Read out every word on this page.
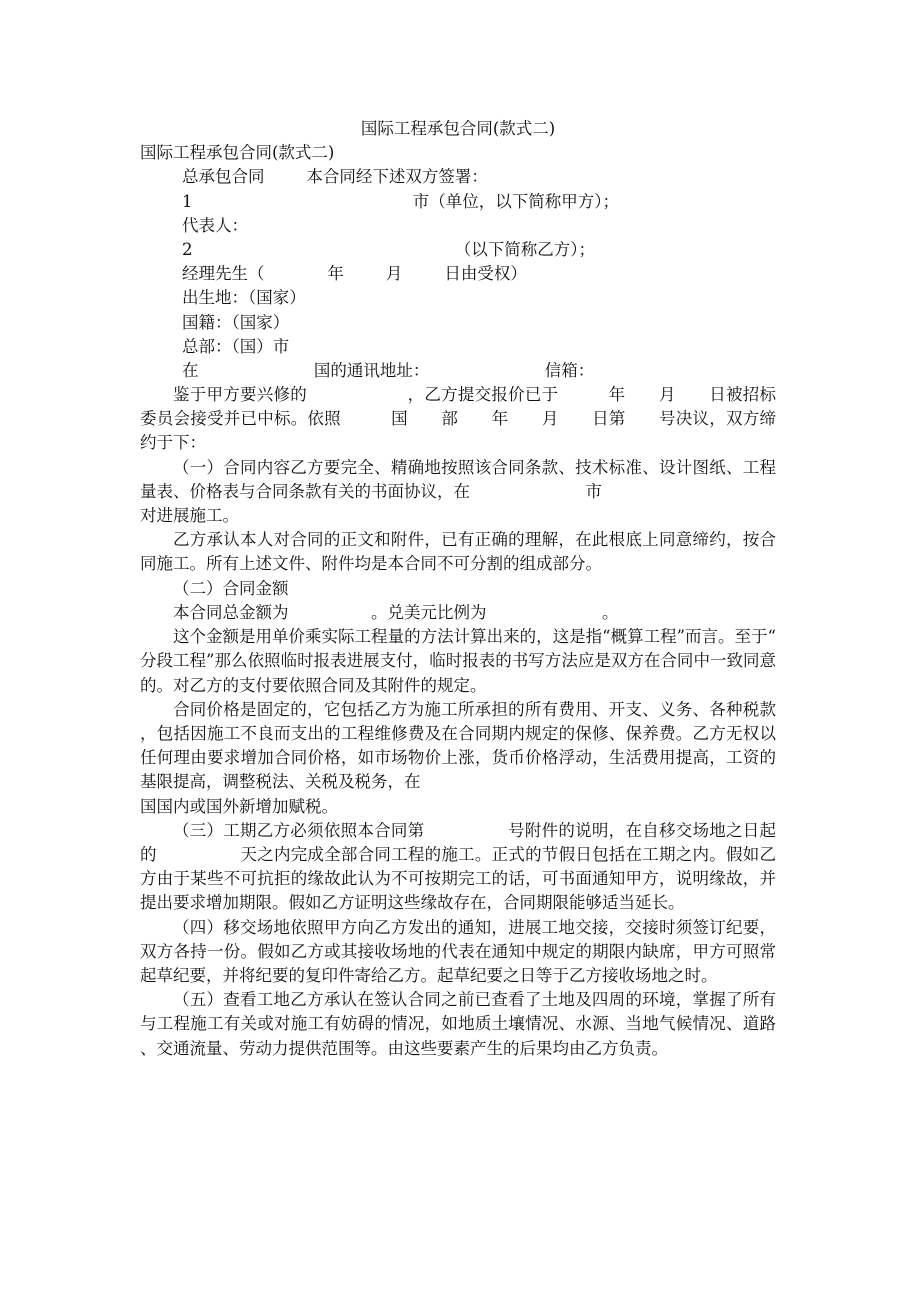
国际工程承包合同(款式二)
国际工程承包合同(款式二)
总承包合同        本合同经下述双方签署：
1                                          市（单位，以下简称甲方）；
代表人：
2                                                  （以下简称乙方）；
经理先生（            年        月        日由受权）
出生地：（国家）
国籍：（国家）
总部：（国）市
在                      国的通讯地址：                      信箱：
鉴于甲方要兴修的　　　　　　，乙方提交报价已于　　　年　　月　　日被招标委员会接受并已中标。依照　　　国　　部　　年　　月　　日第　　号决议，双方缔约于下：
（一）合同内容乙方要完全、精确地按照该合同条款、技术标准、设计图纸、工程量表、价格表与合同条款有关的书面协议，在　　　　　　　市
对进展施工。
乙方承认本人对合同的正文和附件，已有正确的理解，在此根底上同意缔约，按合同施工。所有上述文件、附件均是本合同不可分割的组成部分。
（二）合同金额
本合同总金额为　　　　　。兑美元比例为　　　　　　　。
这个金额是用单价乘实际工程量的方法计算出来的，这是指“概算工程”而言。至于“分段工程”那么依照临时报表进展支付，临时报表的书写方法应是双方在合同中一致同意的。对乙方的支付要依照合同及其附件的规定。
合同价格是固定的，它包括乙方为施工所承担的所有费用、开支、义务、各种税款，包括因施工不良而支出的工程维修费及在合同期内规定的保修、保养费。乙方无权以任何理由要求增加合同价格，如市场物价上涨，货币价格浮动，生活费用提高，工资的基限提高，调整税法、关税及税务，在
国国内或国外新增加赋税。
（三）工期乙方必须依照本合同第　　　　　号附件的说明，在自移交场地之日起的　　　　　天之内完成全部合同工程的施工。正式的节假日包括在工期之内。假如乙方由于某些不可抗拒的缘故此认为不可按期完工的话，可书面通知甲方，说明缘故，并提出要求增加期限。假如乙方证明这些缘故存在，合同期限能够适当延长。
（四）移交场地依照甲方向乙方发出的通知，进展工地交接，交接时须签订纪要，双方各持一份。假如乙方或其接收场地的代表在通知中规定的期限内缺席，甲方可照常起草纪要，并将纪要的复印件寄给乙方。起草纪要之日等于乙方接收场地之时。
（五）查看工地乙方承认在签认合同之前已查看了土地及四周的环境，掌握了所有与工程施工有关或对施工有妨碍的情况，如地质土壤情况、水源、当地气候情况、道路、交通流量、劳动力提供范围等。由这些要素产生的后果均由乙方负责。
